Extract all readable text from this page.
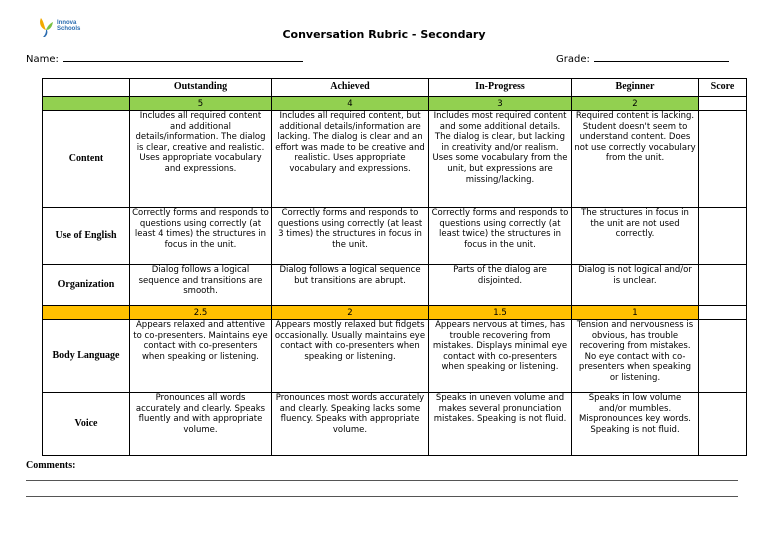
Innova
Schools	Conversation Rubric - Secondary
Name:	Grade:
	Outstanding	Achieved	In-Progress	Beginner	Score
	5	4	3	2	
Content	Includes all required content and additional details/information. The dialog is clear, creative and realistic. Uses appropriate vocabulary and expressions.	Includes all required content, but additional details/information are lacking. The dialog is clear and an effort was made to be creative and realistic. Uses appropriate vocabulary and expressions.	Includes most required content and some additional details. The dialog is clear, but lacking in creativity and/or realism. Uses some vocabulary from the unit, but expressions are missing/lacking.	Required content is lacking. Student doesn't seem to understand content. Does not use correctly vocabulary from the unit.	
Use of English	Correctly forms and responds to questions using correctly (at least 4 times) the structures in focus in the unit.	Correctly forms and responds to questions using correctly (at least 3 times) the structures in focus in the unit.	Correctly forms and responds to questions using correctly (at least twice) the structures in focus in the unit.	The structures in focus in the unit are not used correctly.	
Organization	Dialog follows a logical sequence and transitions are smooth.	Dialog follows a logical sequence but transitions are abrupt.	Parts of the dialog are disjointed.	Dialog is not logical and/or is unclear.	
	2.5	2	1.5	1	
Body Language	Appears relaxed and attentive to co-presenters. Maintains eye contact with co-presenters when speaking or listening.	Appears mostly relaxed but fidgets occasionally. Usually maintains eye contact with co-presenters when speaking or listening.	Appears nervous at times, has trouble recovering from mistakes. Displays minimal eye contact with co-presenters when speaking or listening.	Tension and nervousness is obvious, has trouble recovering from mistakes. No eye contact with co-presenters when speaking or listening.	
Voice	Pronounces all words accurately and clearly. Speaks fluently and with appropriate volume.	Pronounces most words accurately and clearly. Speaking lacks some fluency. Speaks with appropriate volume.	Speaks in uneven volume and makes several pronunciation mistakes. Speaking is not fluid.	Speaks in low volume and/or mumbles. Mispronounces key words. Speaking is not fluid.	
Comments:
